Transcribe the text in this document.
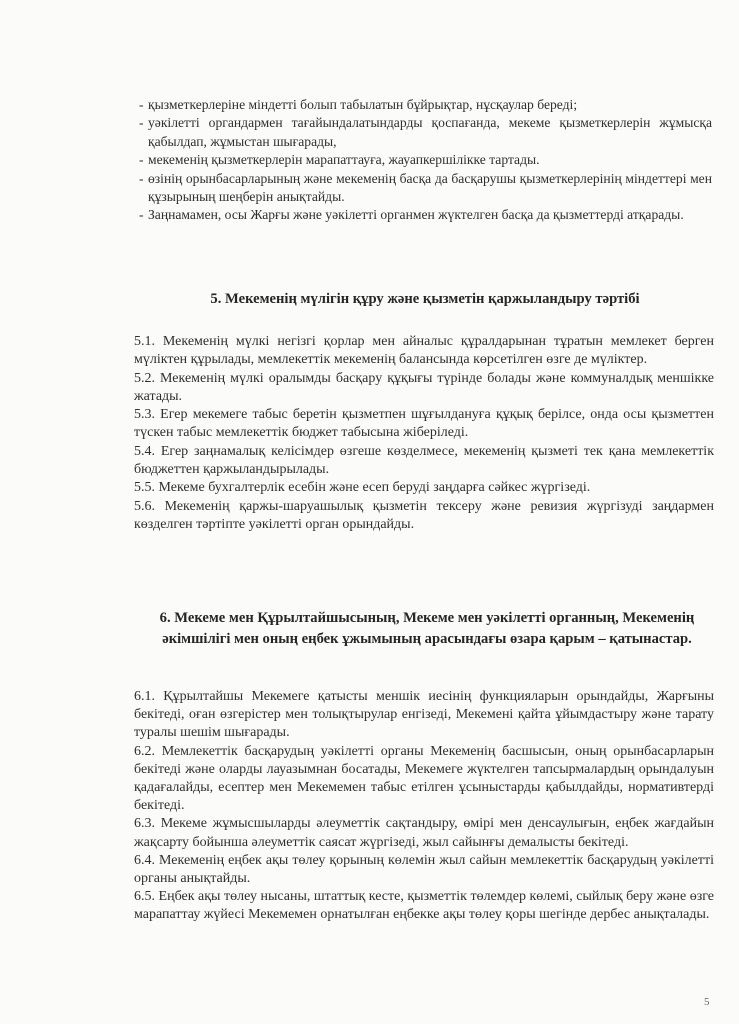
- қызметкерлеріне міндетті болып табылатын бұйрықтар, нұсқаулар береді;
- уәкілетті органдармен тағайындалатындарды қоспағанда, мекеме қызметкерлерін жұмысқа қабылдап, жұмыстан шығарады,
- мекеменің қызметкерлерін марапаттауға, жауапкершілікке тартады.
- өзінің орынбасарларының және мекеменің басқа да басқарушы қызметкерлерінің міндеттері мен құзырының шеңберін анықтайды.
- Заңнамамен, осы Жарғы және уәкілетті органмен жүктелген басқа да қызметтерді атқарады.
5. Мекеменің мүлігін құру және қызметін қаржыландыру тәртібі
5.1. Мекеменің мүлкі негізгі қорлар мен айналыс құралдарынан тұратын мемлекет берген мүліктен құрылады, мемлекеттік мекеменің балансында көрсетілген өзге де мүліктер.
5.2. Мекеменің мүлкі оралымды басқару құқығы түрінде болады және коммуналдық меншікке жатады.
5.3. Егер мекемеге табыс беретін қызметпен шұғылдануға құқық берілсе, онда осы қызметтен түскен табыс мемлекеттік бюджет табысына жіберіледі.
5.4. Егер заңнамалық келісімдер өзгеше көзделмесе, мекеменің қызметі тек қана мемлекеттік бюджеттен қаржыландырылады.
5.5. Мекеме бухгалтерлік есебін және есеп беруді заңдарға сәйкес жүргізеді.
5.6. Мекеменің қаржы-шаруашылық қызметін тексеру және ревизия жүргізуді заңдармен көзделген тәртіпте уәкілетті орган орындайды.
6. Мекеме мен Құрылтайшысының, Мекеме мен уәкілетті органның, Мекеменің әкімшілігі мен оның еңбек ұжымының арасындағы өзара қарым – қатынастар.
6.1. Құрылтайшы Мекемеге қатысты меншік иесінің функцияларын орындайды, Жарғыны бекітеді, оған өзгерістер мен толықтырулар енгізеді, Мекемені қайта ұйымдастыру және тарату туралы шешім шығарады.
6.2. Мемлекеттік басқарудың уәкілетті органы Мекеменің басшысын, оның орынбасарларын бекітеді және оларды лауазымнан босатады, Мекемеге жүктелген тапсырмалардың орындалуын қадағалайды, есептер мен Мекемемен табыс етілген ұсыныстарды қабылдайды, нормативтерді бекітеді.
6.3. Мекеме жұмысшыларды әлеуметтік сақтандыру, өмірі мен денсаулығын, еңбек жағдайын жақсарту бойынша әлеуметтік саясат жүргізеді, жыл сайынғы демалысты бекітеді.
6.4. Мекеменің еңбек ақы төлеу қорының көлемін жыл сайын мемлекеттік басқарудың уәкілетті органы анықтайды.
6.5. Еңбек ақы төлеу нысаны, штаттық кесте, қызметтік төлемдер көлемі, сыйлық беру және өзге марапаттау жүйесі Мекемемен орнатылған еңбекке ақы төлеу қоры шегінде дербес анықталады.
5
